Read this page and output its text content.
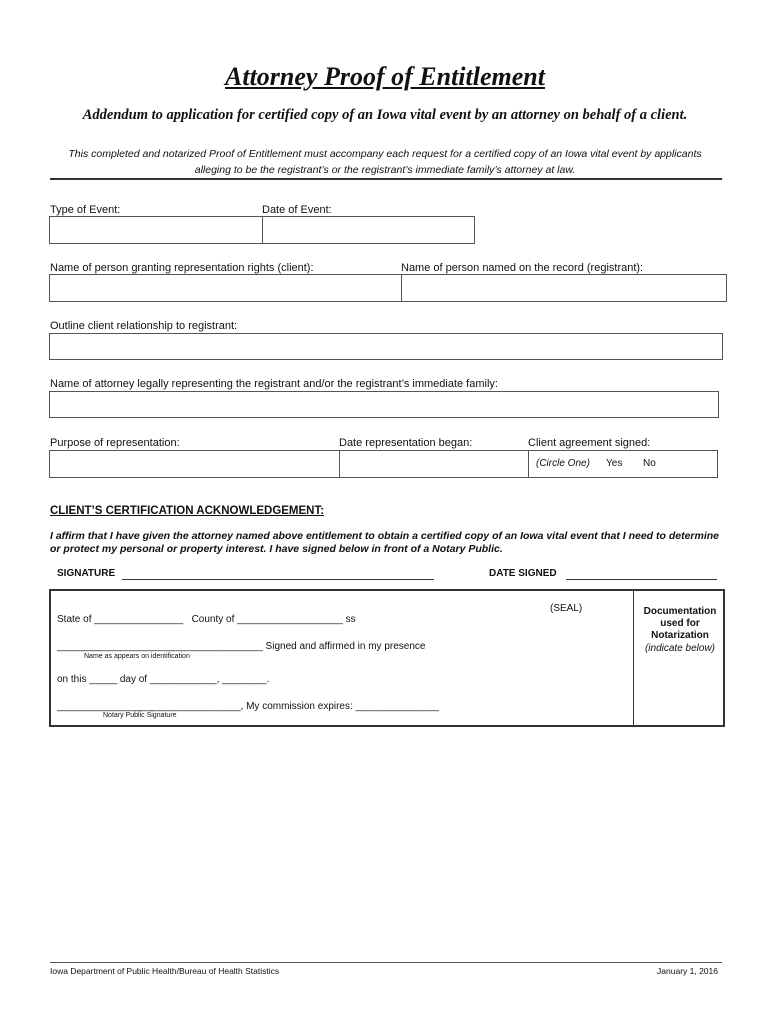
Attorney Proof of Entitlement
Addendum to application for certified copy of an Iowa vital event by an attorney on behalf of a client.
This completed and notarized Proof of Entitlement must accompany each request for a certified copy of an Iowa vital event by applicants alleging to be the registrant’s or the registrant’s immediate family’s attorney at law.
Type of Event:	Date of Event:
Name of person granting representation rights (client):	Name of person named on the record (registrant):
Outline client relationship to registrant:
Name of attorney legally representing the registrant and/or the registrant’s immediate family:
Purpose of representation:	Date representation began:	Client agreement signed:
(Circle One) Yes No
CLIENT’S CERTIFICATION ACKNOWLEDGEMENT:
I affirm that I have given the attorney named above entitlement to obtain a certified copy of an Iowa vital event that I need to determine or protect my personal or property interest. I have signed below in front of a Notary Public.
SIGNATURE	DATE SIGNED
State of ________________   County of ___________________ ss
(SEAL)
_____________________________________ Signed and affirmed in my presence
Name as appears on identification
on this _____ day of ____________, ________.
_________________________________, My commission expires: _______________
Notary Public Signature
Documentation used for Notarization
(indicate below)
Iowa Department of Public Health/Bureau of Health Statistics	January 1, 2016
